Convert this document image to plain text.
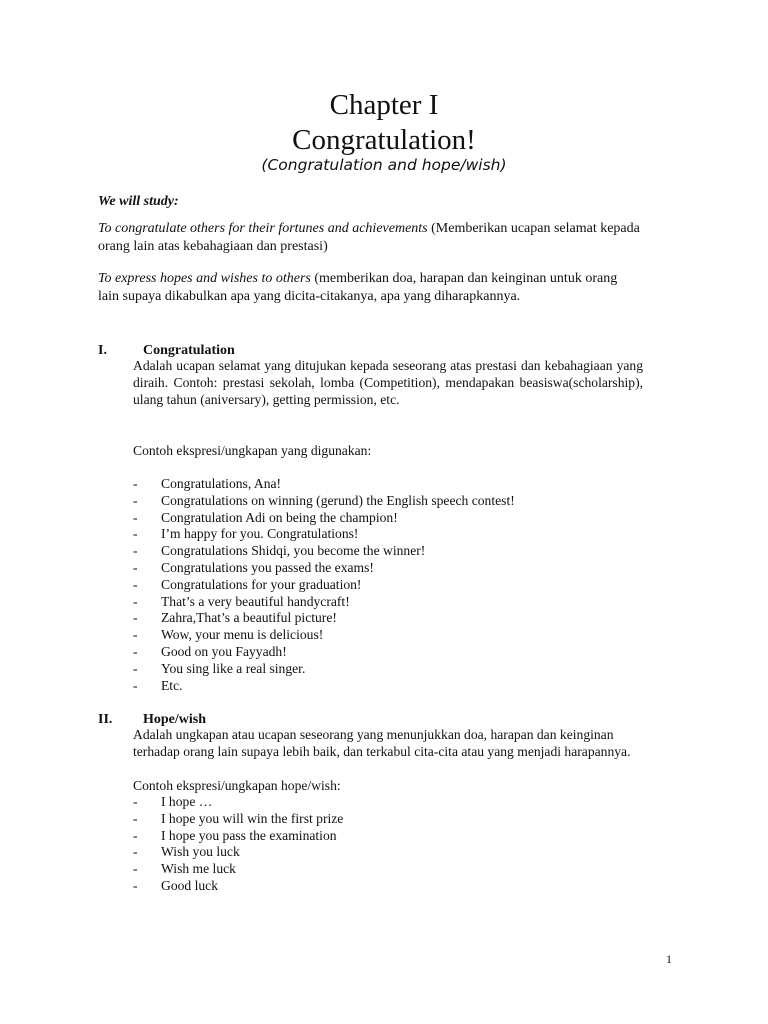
Chapter I
Congratulation!
(Congratulation and hope/wish)
We will study:
To congratulate others for their fortunes and achievements (Memberikan ucapan selamat kepada orang lain atas kebahagiaan dan prestasi)
To express hopes and wishes to others (memberikan doa, harapan dan keinginan untuk orang lain supaya dikabulkan apa yang dicita-citakanya, apa yang diharapkannya.
I.	Congratulation
Adalah ucapan selamat yang ditujukan kepada seseorang atas prestasi dan kebahagiaan yang diraih. Contoh: prestasi sekolah, lomba (Competition), mendapakan beasiswa(scholarship), ulang tahun (aniversary), getting permission, etc.
Contoh ekspresi/ungkapan yang digunakan:
- Congratulations, Ana!
- Congratulations on winning (gerund) the English speech contest!
- Congratulation Adi on being the champion!
- I’m happy for you. Congratulations!
- Congratulations Shidqi, you become the winner!
- Congratulations you passed the exams!
- Congratulations for your graduation!
- That’s a very beautiful handycraft!
- Zahra,That’s a beautiful picture!
- Wow, your menu is delicious!
- Good on you Fayyadh!
- You sing like a real singer.
- Etc.
II. Hope/wish
Adalah ungkapan atau ucapan seseorang yang menunjukkan doa, harapan dan keinginan terhadap orang lain supaya lebih baik, dan terkabul cita-cita atau yang menjadi harapannya.
Contoh ekspresi/ungkapan hope/wish:
- I hope …
- I hope you will win the first prize
- I hope you pass the examination
- Wish you luck
- Wish me luck
- Good luck
1
